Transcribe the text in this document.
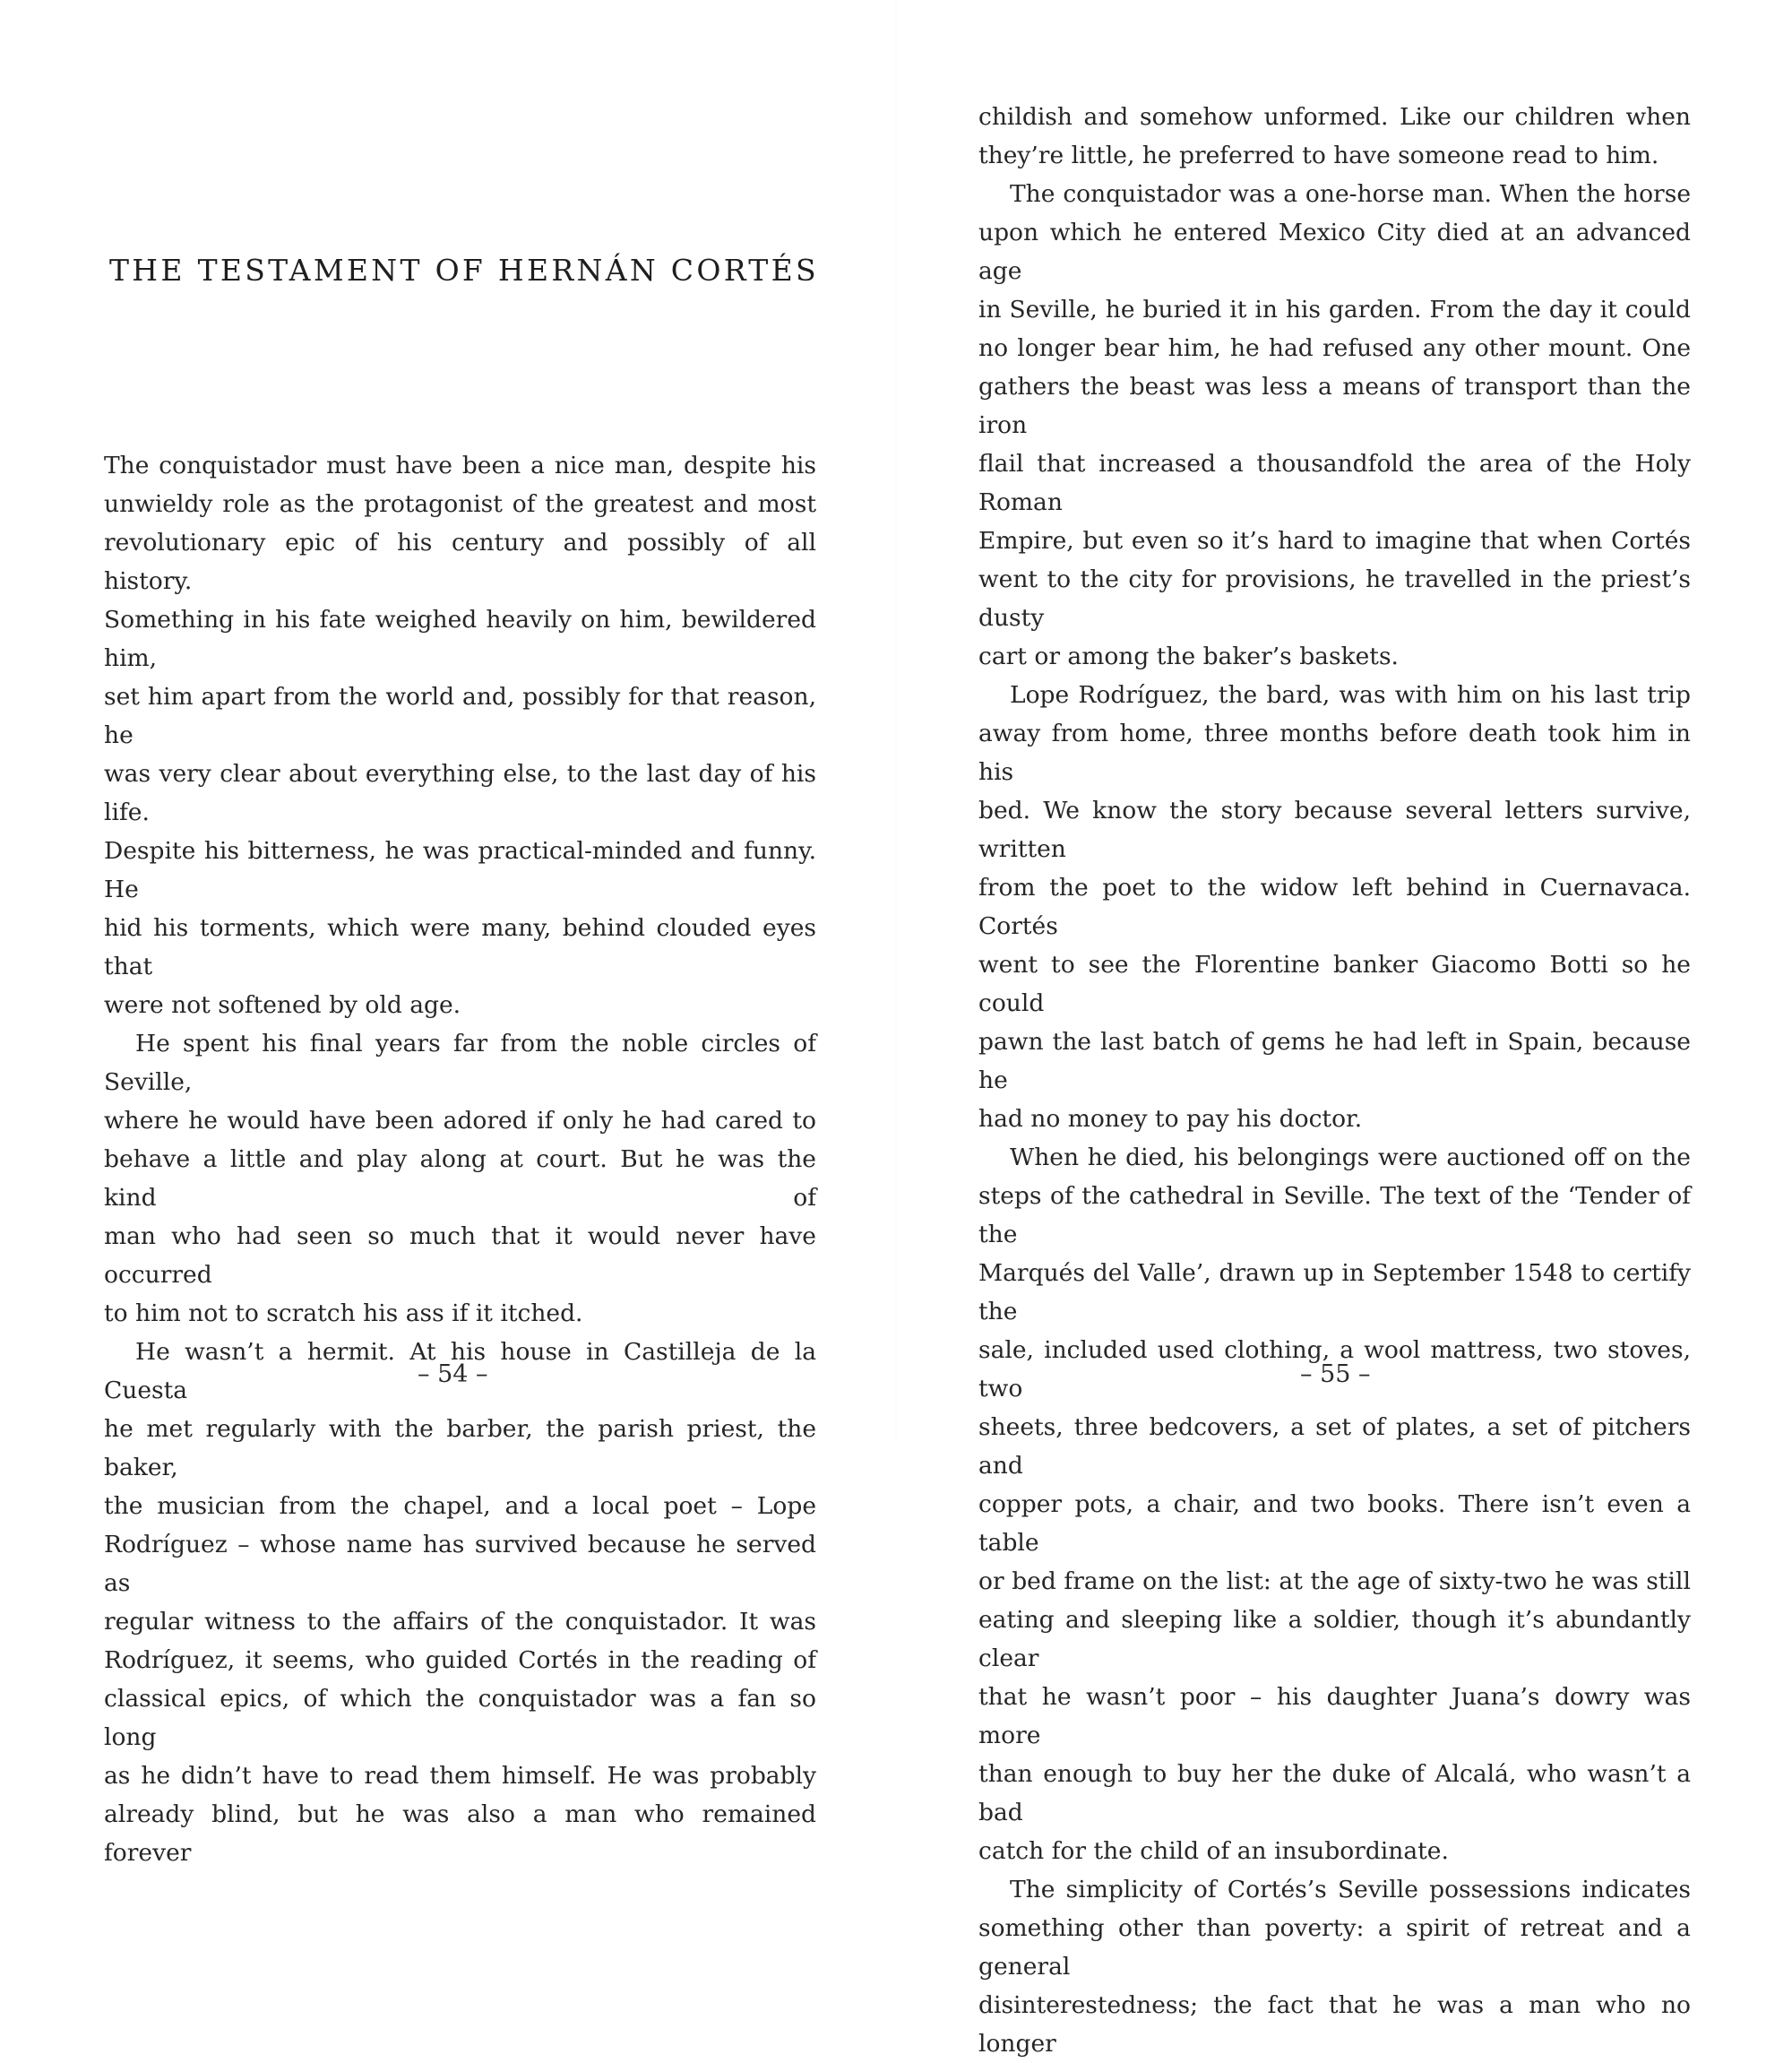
THE TESTAMENT OF HERNÁN CORTÉS

The conquistador must have been a nice man, despite his

unwieldy role as the protagonist of the greatest and most

revolutionary epic of his century and possibly of all history.

Something in his fate weighed heavily on him, bewildered him,

set him apart from the world and, possibly for that reason, he

was very clear about everything else, to the last day of his life.

Despite his bitterness, he was practical-minded and funny. He

hid his torments, which were many, behind clouded eyes that

were not softened by old age.

He spent his final years far from the noble circles of Seville,

where he would have been adored if only he had cared to

behave a little and play along at court. But he was the kind of

man who had seen so much that it would never have occurred

to him not to scratch his ass if it itched.

He wasn’t a hermit. At his house in Castilleja de la Cuesta

he met regularly with the barber, the parish priest, the baker,

the musician from the chapel, and a local poet – Lope

Rodríguez – whose name has survived because he served as

regular witness to the affairs of the conquistador. It was

Rodríguez, it seems, who guided Cortés in the reading of

classical epics, of which the conquistador was a fan so long

as he didn’t have to read them himself. He was probably

already blind, but he was also a man who remained forever

– 54 –

childish and somehow unformed. Like our children when

they’re little, he preferred to have someone read to him.

The conquistador was a one-horse man. When the horse

upon which he entered Mexico City died at an advanced age

in Seville, he buried it in his garden. From the day it could

no longer bear him, he had refused any other mount. One

gathers the beast was less a means of transport than the iron

flail that increased a thousandfold the area of the Holy Roman

Empire, but even so it’s hard to imagine that when Cortés

went to the city for provisions, he travelled in the priest’s dusty

cart or among the baker’s baskets.

Lope Rodríguez, the bard, was with him on his last trip

away from home, three months before death took him in his

bed. We know the story because several letters survive, written

from the poet to the widow left behind in Cuernavaca. Cortés

went to see the Florentine banker Giacomo Botti so he could

pawn the last batch of gems he had left in Spain, because he

had no money to pay his doctor.

When he died, his belongings were auctioned off on the

steps of the cathedral in Seville. The text of the ‘Tender of the

Marqués del Valle’, drawn up in September 1548 to certify the

sale, included used clothing, a wool mattress, two stoves, two

sheets, three bedcovers, a set of plates, a set of pitchers and

copper pots, a chair, and two books. There isn’t even a table

or bed frame on the list: at the age of sixty-two he was still

eating and sleeping like a soldier, though it’s abundantly clear

that he wasn’t poor – his daughter Juana’s dowry was more

than enough to buy her the duke of Alcalá, who wasn’t a bad

catch for the child of an insubordinate.

The simplicity of Cortés’s Seville possessions indicates

something other than poverty: a spirit of retreat and a general

disinterestedness; the fact that he was a man who no longer

– 55 –
